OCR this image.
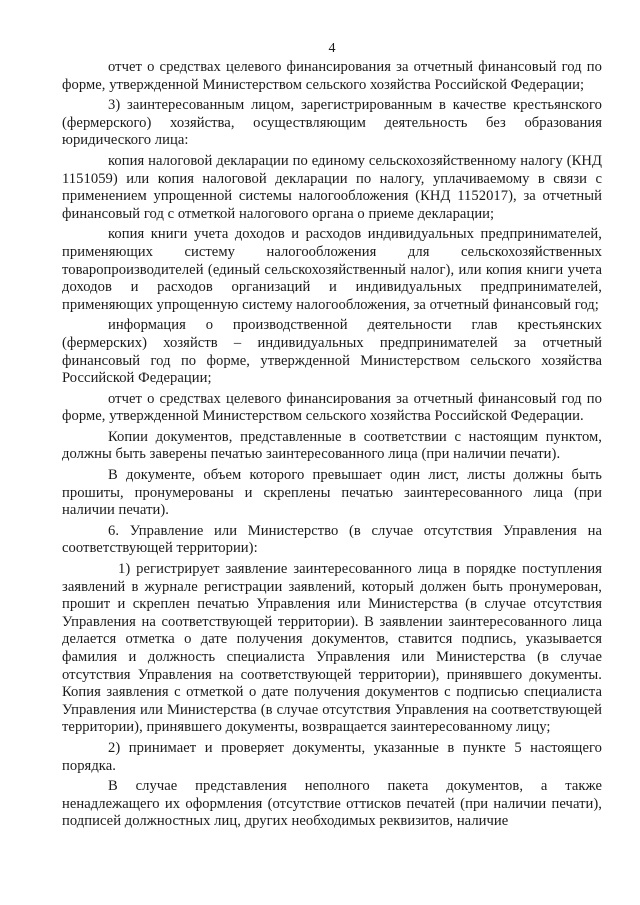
4

отчет о средствах целевого финансирования за отчетный финансовый год по форме, утвержденной Министерством сельского хозяйства Российской Федерации;

3) заинтересованным лицом, зарегистрированным в качестве крестьянского (фермерского) хозяйства, осуществляющим деятельность без образования юридического лица:

копия налоговой декларации по единому сельскохозяйственному налогу (КНД 1151059) или копия налоговой декларации по налогу, уплачиваемому в связи с применением упрощенной системы налогообложения (КНД 1152017), за отчетный финансовый год с отметкой налогового органа о приеме декларации;

копия книги учета доходов и расходов индивидуальных предпринимателей, применяющих систему налогообложения для сельскохозяйственных товаропроизводителей (единый сельскохозяйственный налог), или копия книги учета доходов и расходов организаций и индивидуальных предпринимателей, применяющих упрощенную систему налогообложения, за отчетный финансовый год;

информация о производственной деятельности глав крестьянских (фермерских) хозяйств – индивидуальных предпринимателей за отчетный финансовый год по форме, утвержденной Министерством сельского хозяйства Российской Федерации;

отчет о средствах целевого финансирования за отчетный финансовый год по форме, утвержденной Министерством сельского хозяйства Российской Федерации.

Копии документов, представленные в соответствии с настоящим пунктом, должны быть заверены печатью заинтересованного лица (при наличии печати).

В документе, объем которого превышает один лист, листы должны быть прошиты, пронумерованы и скреплены печатью заинтересованного лица (при наличии печати).

6. Управление или Министерство (в случае отсутствия Управления на соответствующей территории):

1) регистрирует заявление заинтересованного лица в порядке поступления заявлений в журнале регистрации заявлений, который должен быть пронумерован, прошит и скреплен печатью Управления или Министерства (в случае отсутствия Управления на соответствующей территории). В заявлении заинтересованного лица делается отметка о дате получения документов, ставится подпись, указывается фамилия и должность специалиста Управления или Министерства (в случае отсутствия Управления на соответствующей территории), принявшего документы. Копия заявления с отметкой о дате получения документов с подписью специалиста Управления или Министерства (в случае отсутствия Управления на соответствующей территории), принявшего документы, возвращается заинтересованному лицу;

2) принимает и проверяет документы, указанные в пункте 5 настоящего порядка.

В случае представления неполного пакета документов, а также ненадлежащего их оформления (отсутствие оттисков печатей (при наличии печати), подписей должностных лиц, других необходимых реквизитов, наличие
